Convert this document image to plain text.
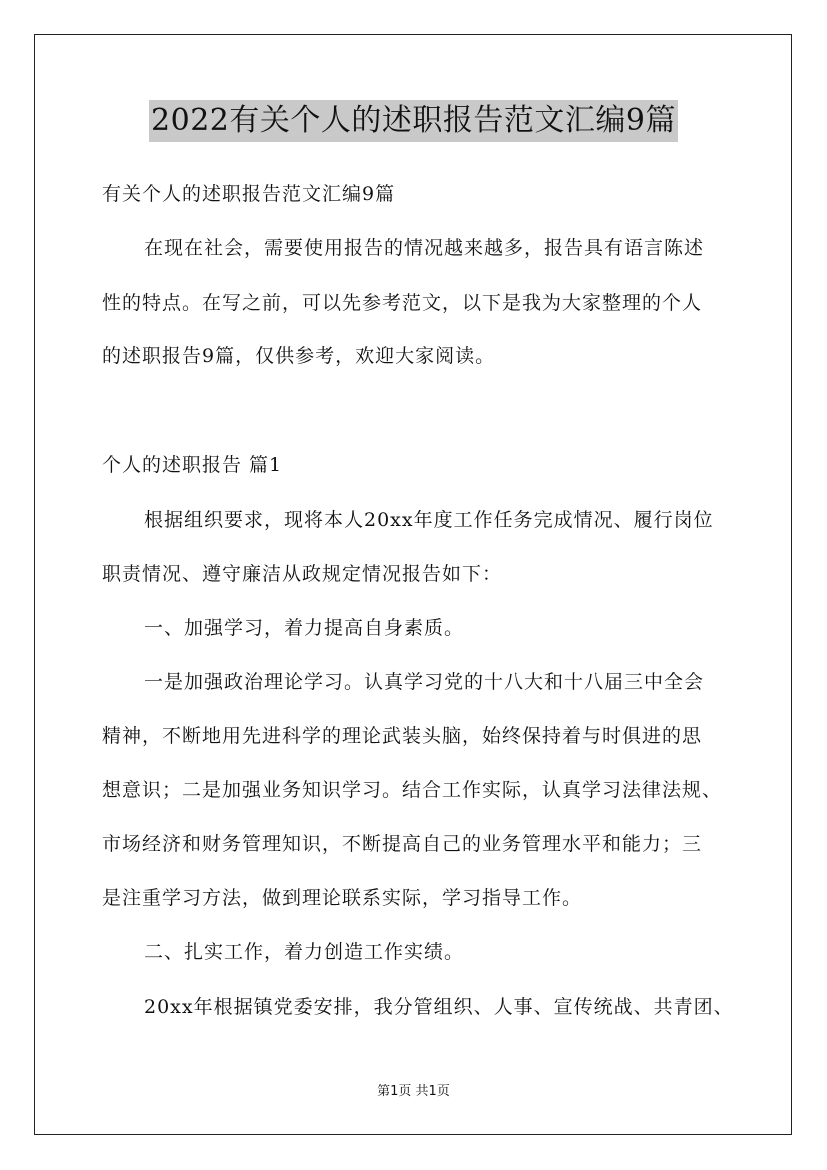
2022有关个人的述职报告范文汇编9篇
有关个人的述职报告范文汇编9篇
在现在社会，需要使用报告的情况越来越多，报告具有语言陈述
性的特点。在写之前，可以先参考范文，以下是我为大家整理的个人
的述职报告9篇，仅供参考，欢迎大家阅读。
个人的述职报告 篇1
根据组织要求，现将本人20xx年度工作任务完成情况、履行岗位
职责情况、遵守廉洁从政规定情况报告如下：
一、加强学习，着力提高自身素质。
一是加强政治理论学习。认真学习党的十八大和十八届三中全会
精神，不断地用先进科学的理论武装头脑，始终保持着与时俱进的思
想意识；二是加强业务知识学习。结合工作实际，认真学习法律法规、
市场经济和财务管理知识，不断提高自己的业务管理水平和能力；三
是注重学习方法，做到理论联系实际，学习指导工作。
二、扎实工作，着力创造工作实绩。
20xx年根据镇党委安排，我分管组织、人事、宣传统战、共青团、
第1页 共1页
